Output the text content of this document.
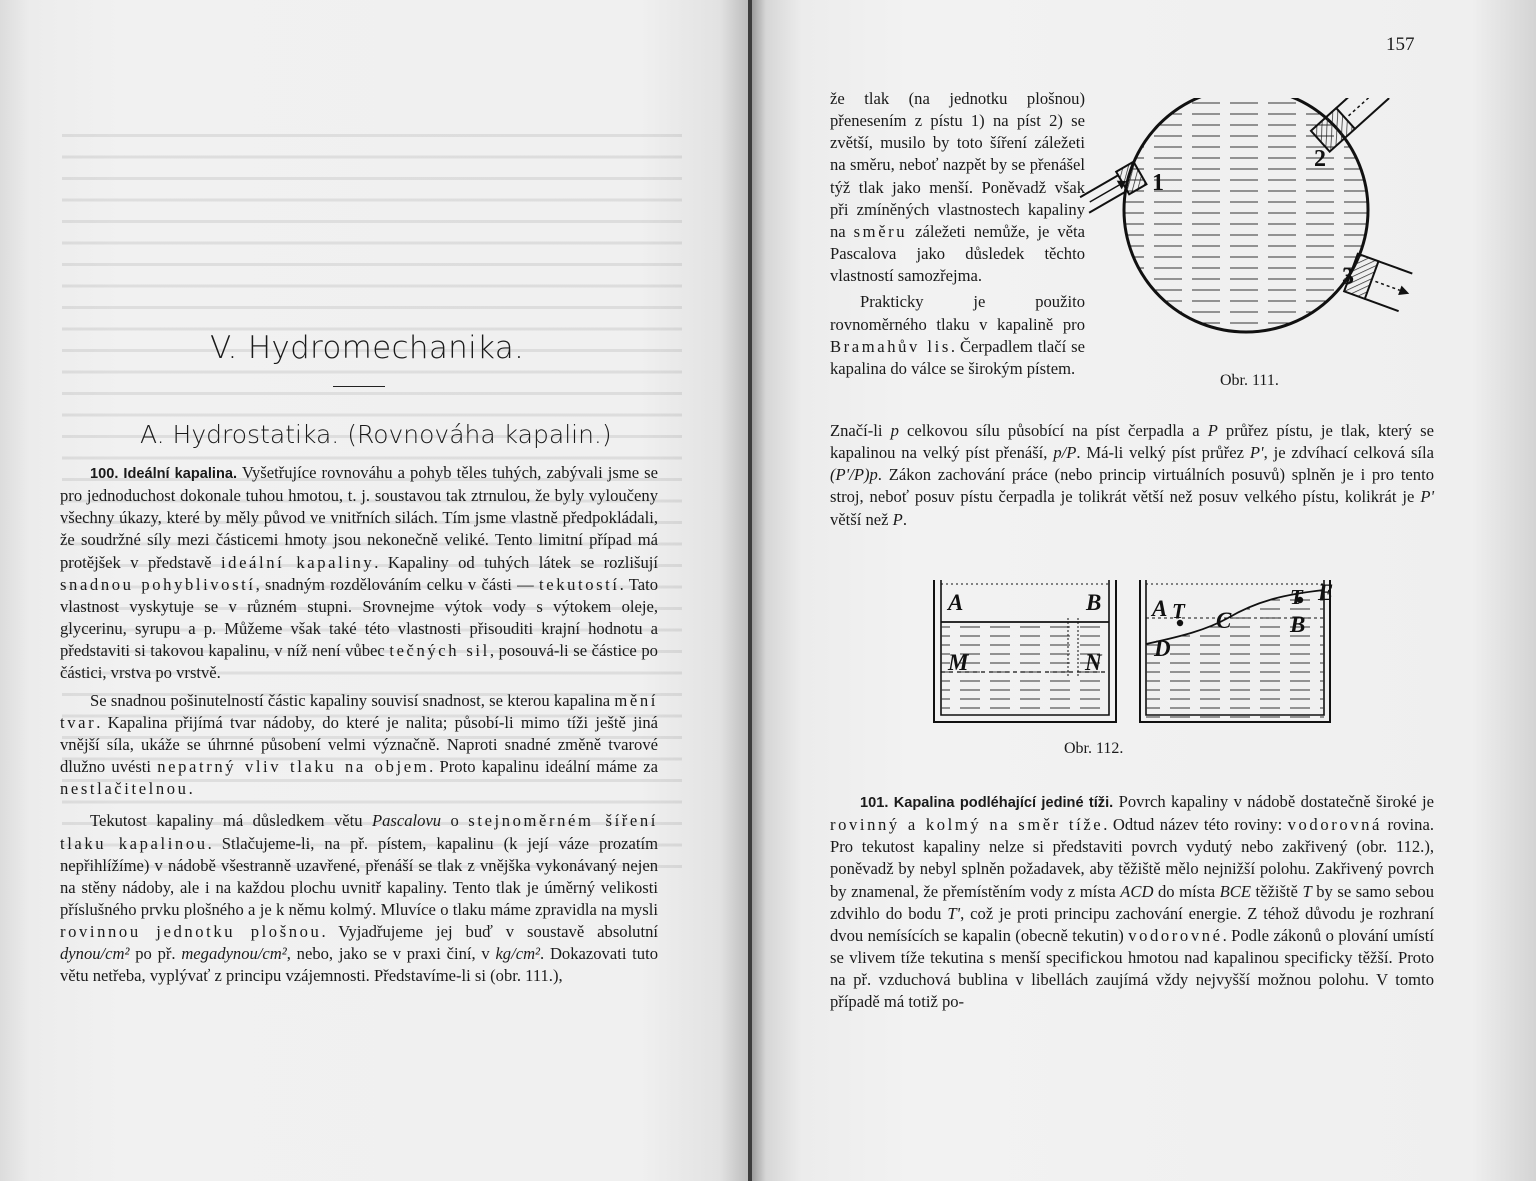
V. Hydromechanika.
A. Hydrostatika. (Rovnováha kapalin.)

100. Ideální kapalina. Vyšetřujíce rovnováhu a pohyb těles tuhých, zabývali jsme se pro jednoduchost dokonale tuhou hmotou, t. j. soustavou tak ztrnulou, že byly vyloučeny všechny úkazy, které by měly původ ve vnitřních silách. Tím jsme vlastně předpokládali, že soudržné síly mezi částicemi hmoty jsou nekonečně veliké. Tento limitní případ má protějšek v představě ideální kapaliny. Kapaliny od tuhých látek se rozlišují snadnou pohyblivostí, snadným rozdělováním celku v části — tekutostí. Tato vlastnost vyskytuje se v různém stupni. Srovnejme výtok vody s výtokem oleje, glycerinu, syrupu a p. Můžeme však také této vlastnosti přisouditi krajní hodnotu a představiti si takovou kapalinu, v níž není vůbec tečných sil, posouvá-li se částice po částici, vrstva po vrstvě.

Se snadnou pošinutelností částic kapaliny souvisí snadnost, se kterou kapalina mění tvar. Kapalina přijímá tvar nádoby, do které je nalita; působí-li mimo tíži ještě jiná vnější síla, ukáže se úhrnné působení velmi význačně. Naproti snadné změně tvarové dlužno uvésti nepatrný vliv tlaku na objem. Proto kapalinu ideální máme za nestlačitelnou.

Tekutost kapaliny má důsledkem větu Pascalovu o stejnoměrném šíření tlaku kapalinou. Stlačujeme-li, na př. pístem, kapalinu (k její váze prozatím nepřihlížíme) v nádobě všestranně uzavřené, přenáší se tlak z vnějška vykonávaný nejen na stěny nádoby, ale i na každou plochu uvnitř kapaliny. Tento tlak je úměrný velikosti příslušného prvku plošného a je k němu kolmý. Mluvíce o tlaku máme zpravidla na mysli rovinnou jednotku plošnou. Vyjadřujeme jej buď v soustavě absolutní dynou/cm² po př. megadynou/cm², nebo, jako se v praxi činí, v kg/cm². Dokazovati tuto větu netřeba, vyplývať z principu vzájemnosti. Představíme-li si (obr. 111.),

157

že tlak (na jednotku plošnou) přenesením z pístu 1) na píst 2) se zvětší, musilo by toto šíření záležeti na směru, neboť nazpět by se přenášel týž tlak jako menší. Poněvadž však při zmíněných vlastnostech kapaliny na směru záležeti nemůže, je věta Pascalova jako důsledek těchto vlastností samozřejma.

Prakticky je použito rovnoměrného tlaku v kapalině pro Bramahův lis. Čerpadlem tlačí se kapalina do válce se širokým pístem.

1
2
3
Obr. 111.

Značí-li p celkovou sílu působící na píst čerpadla a P průřez pístu, je tlak, který se kapalinou na velký píst přenáší, p/P. Má-li velký píst průřez P', je zdvíhací celková síla (P'/P)p. Zákon zachování práce (nebo princip virtuálních posuvů) splněn je i pro tento stroj, neboť posuv pístu čerpadla je tolikrát větší než posuv velkého pístu, kolikrát je P' větší než P.

A	B
M	N
A T C
T E
B
D
Obr. 112.

101. Kapalina podléhající jediné tíži. Povrch kapaliny v nádobě dostatečně široké je rovinný a kolmý na směr tíže. Odtud název této roviny: vodorovná rovina. Pro tekutost kapaliny nelze si představiti povrch vydutý nebo zakřivený (obr. 112.), poněvadž by nebyl splněn požadavek, aby těžiště mělo nejnižší polohu. Zakřivený povrch by znamenal, že přemístěním vody z místa ACD do místa BCE těžiště T by se samo sebou zdvihlo do bodu T', což je proti principu zachování energie. Z téhož důvodu je rozhraní dvou nemísících se kapalin (obecně tekutin) vodorovné. Podle zákonů o plování umístí se vlivem tíže tekutina s menší specifickou hmotou nad kapalinou specificky těžší. Proto na př. vzduchová bublina v libellách zaujímá vždy nejvyšší možnou polohu. V tomto případě má totiž po-
